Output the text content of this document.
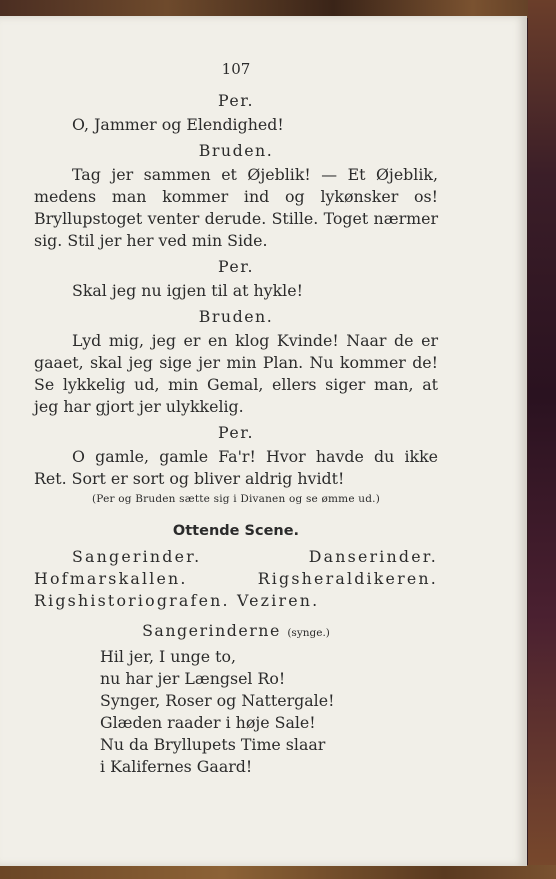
107
Per.

O, Jammer og Elendighed!

Bruden.

Tag jer sammen et Øjeblik! — Et Øjeblik, medens man kommer ind og lykønsker os! Bryllupstoget venter derude. Stille. Toget nærmer sig. Stil jer her ved min Side.

Per.

Skal jeg nu igjen til at hykle!

Bruden.

Lyd mig, jeg er en klog Kvinde! Naar de er gaaet, skal jeg sige jer min Plan. Nu kommer de! Se lykkelig ud, min Gemal, ellers siger man, at jeg har gjort jer ulykkelig.

Per.

O gamle, gamle Fa'r! Hvor havde du ikke Ret. Sort er sort og bliver aldrig hvidt!

(Per og Bruden sætte sig i Divanen og se ømme ud.)
Ottende Scene.

Sangerinder. Danserinder. Hofmarskallen. Rigsheraldikeren. Rigshistoriografen. Veziren.

Sangerinderne (synge.)
Hil jer, I unge to,
nu har jer Længsel Ro!
Synger, Roser og Nattergale!
Glæden raader i høje Sale!
Nu da Bryllupets Time slaar
i Kalifernes Gaard!
